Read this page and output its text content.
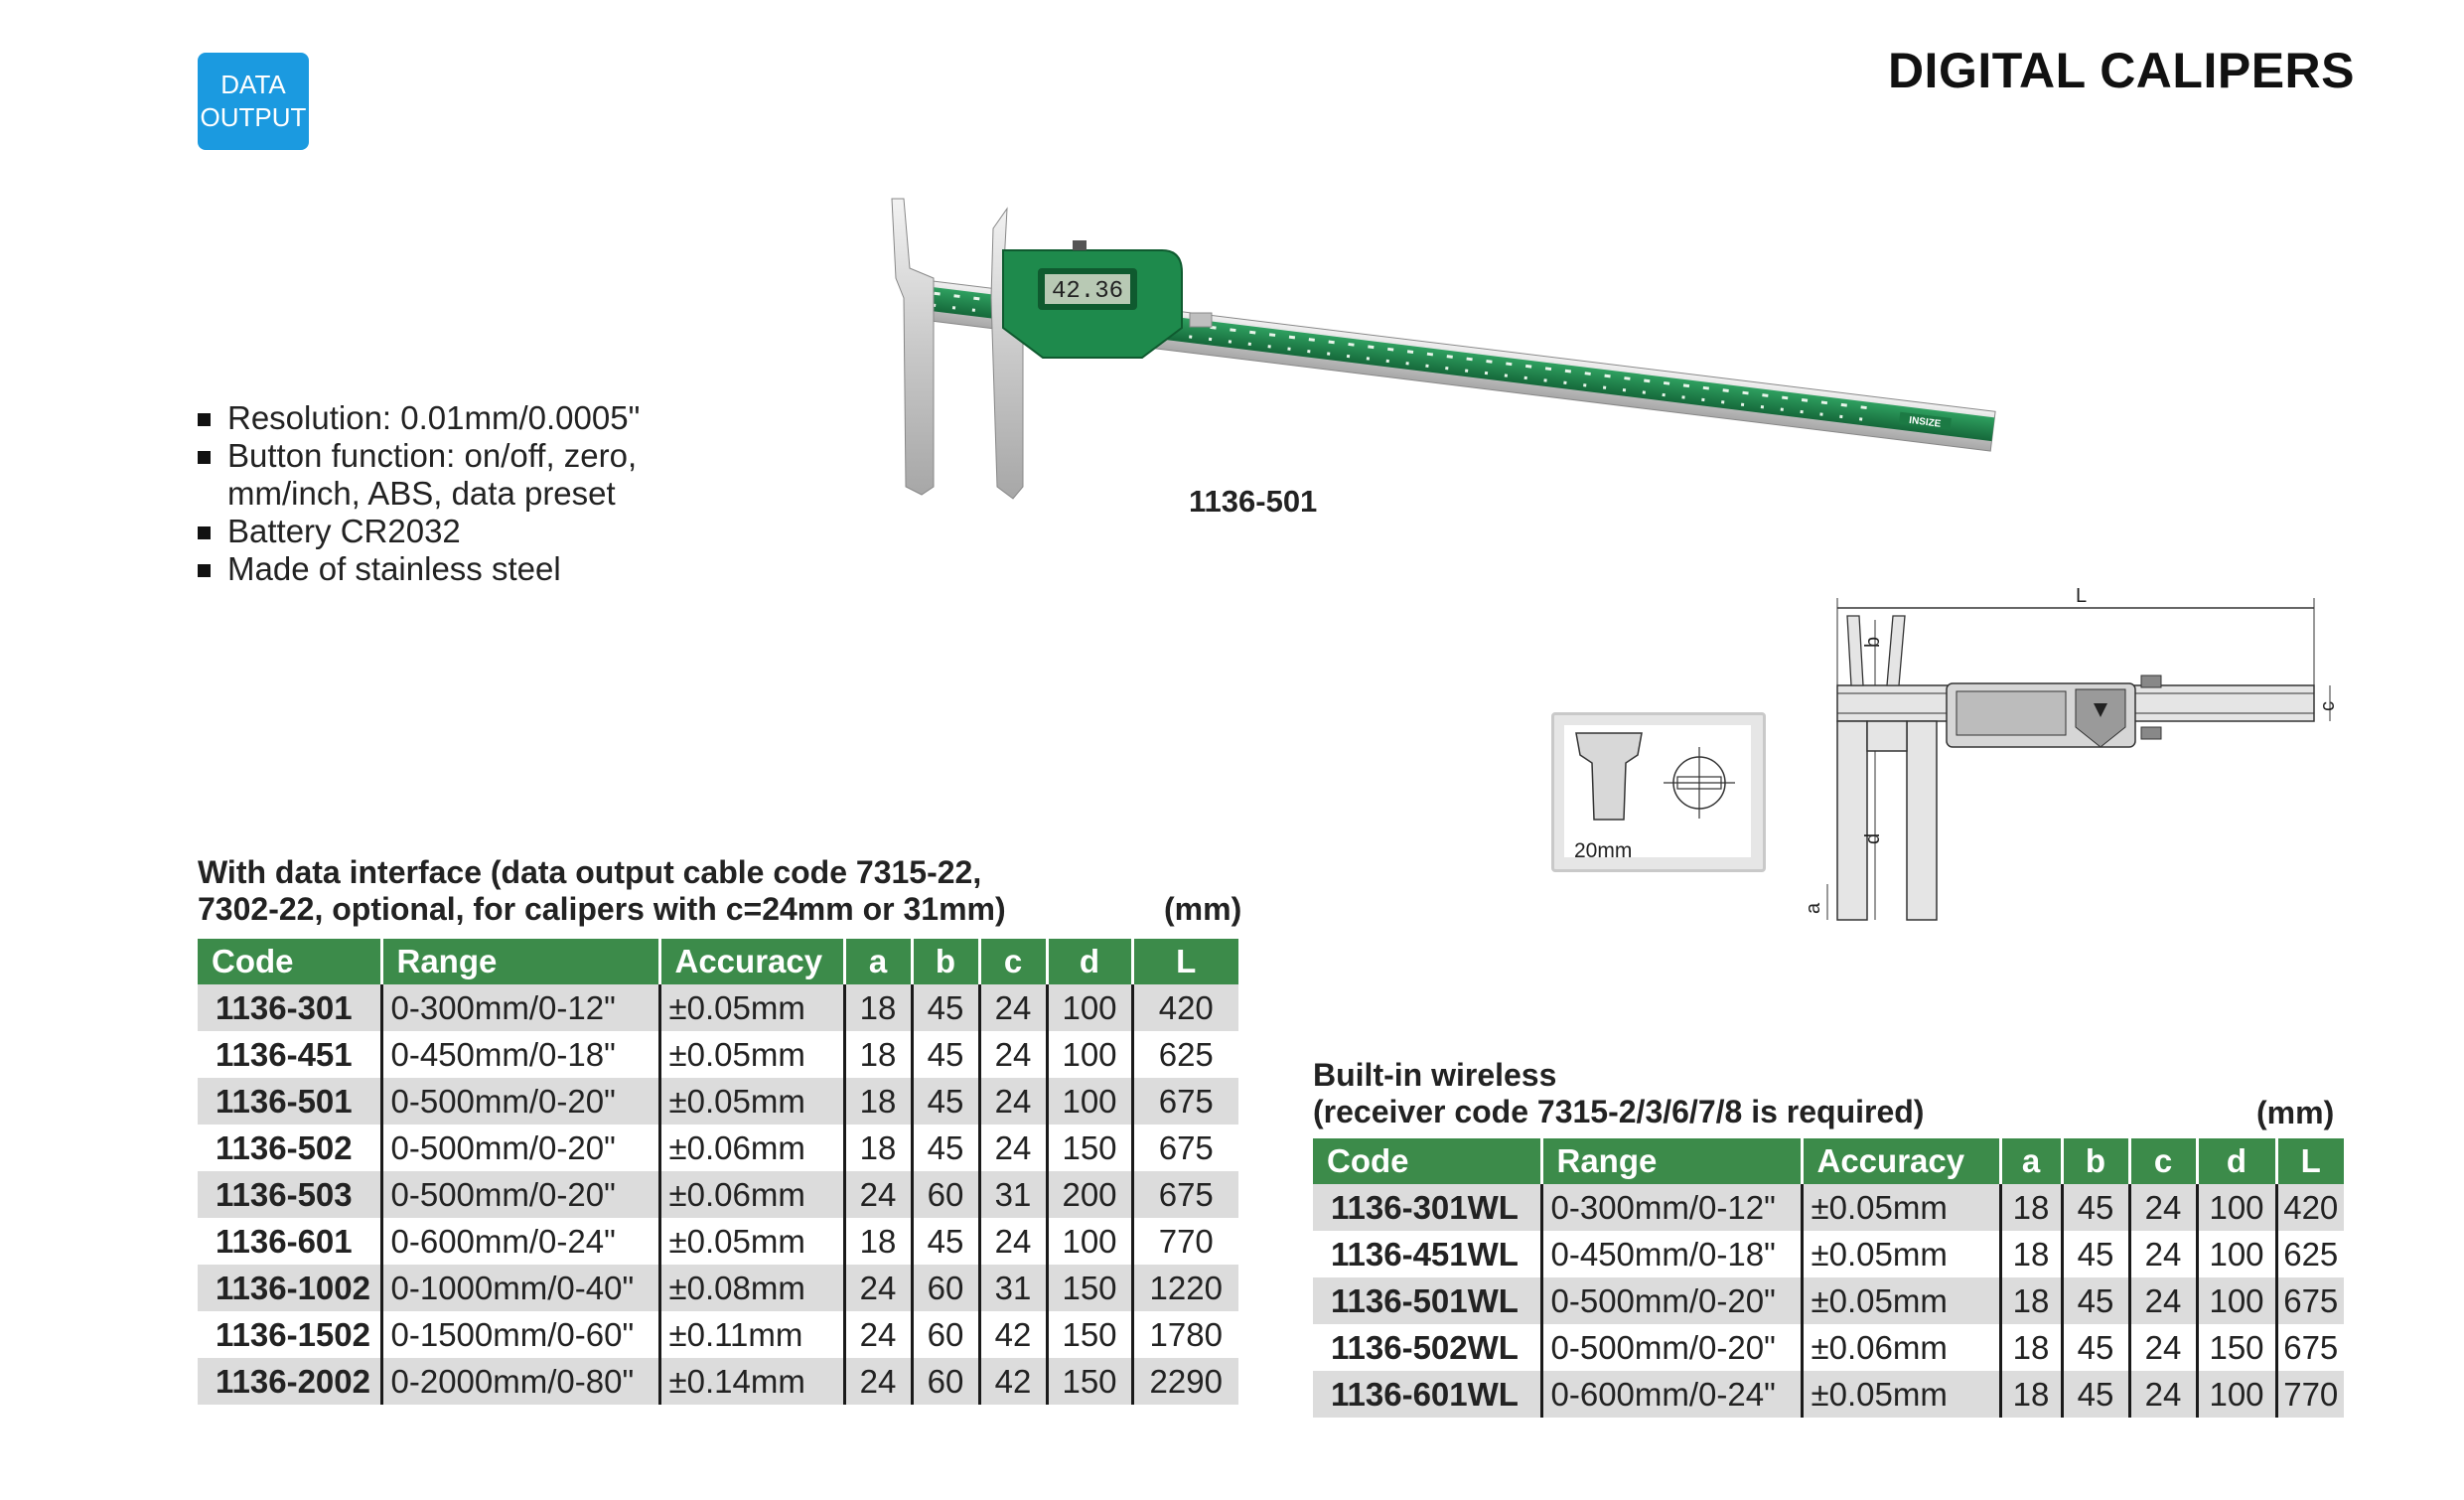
DATA
OUTPUT
DIGITAL CALIPERS
Resolution: 0.01mm/0.0005"
Button function: on/off, zero,
mm/inch, ABS, data preset
Battery CR2032
Made of stainless steel
INSIZE
42.36
1136-501
20mm
L
b
a
d
c
With data interface (data output cable code 7315-22,
7302-22, optional, for calipers with c=24mm or 31mm)	(mm)
Code	Range	Accuracy	a	b	c	d	L
1136-301	0-300mm/0-12"	±0.05mm	18	45	24	100	420
1136-451	0-450mm/0-18"	±0.05mm	18	45	24	100	625
1136-501	0-500mm/0-20"	±0.05mm	18	45	24	100	675
1136-502	0-500mm/0-20"	±0.06mm	18	45	24	150	675
1136-503	0-500mm/0-20"	±0.06mm	24	60	31	200	675
1136-601	0-600mm/0-24"	±0.05mm	18	45	24	100	770
1136-1002	0-1000mm/0-40"	±0.08mm	24	60	31	150	1220
1136-1502	0-1500mm/0-60"	±0.11mm	24	60	42	150	1780
1136-2002	0-2000mm/0-80"	±0.14mm	24	60	42	150	2290
Built-in wireless
(receiver code 7315-2/3/6/7/8 is required)	(mm)
Code	Range	Accuracy	a	b	c	d	L
1136-301WL	0-300mm/0-12"	±0.05mm	18	45	24	100	420
1136-451WL	0-450mm/0-18"	±0.05mm	18	45	24	100	625
1136-501WL	0-500mm/0-20"	±0.05mm	18	45	24	100	675
1136-502WL	0-500mm/0-20"	±0.06mm	18	45	24	150	675
1136-601WL	0-600mm/0-24"	±0.05mm	18	45	24	100	770
